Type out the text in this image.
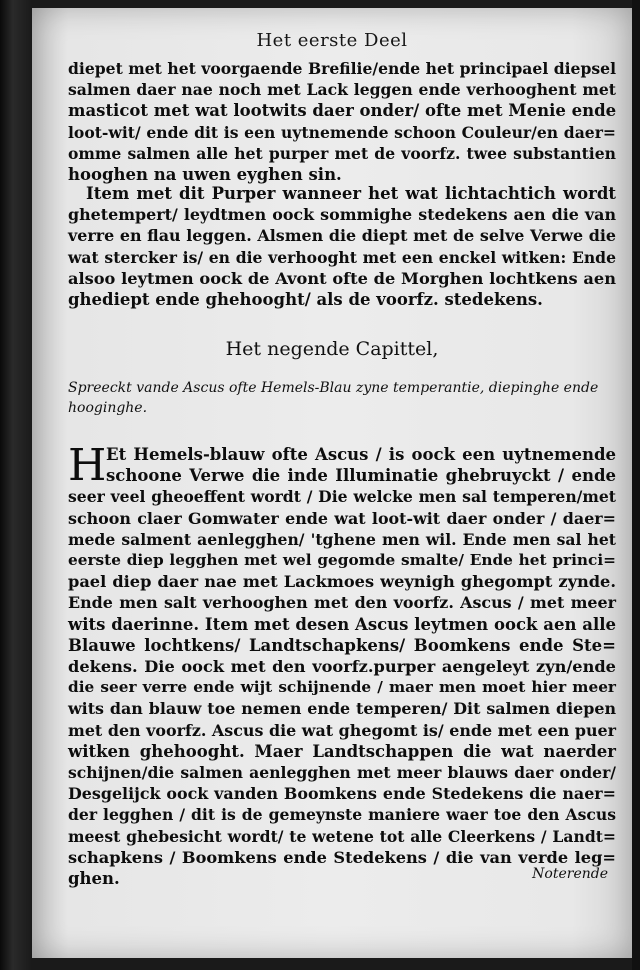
Het eerste Deel
diepet met het voorgaende Brefilie/ende het principael diepsel
salmen daer nae noch met Lack leggen ende verhooghent met
masticot met wat lootwits daer onder/ ofte met Menie ende
loot-wit/ ende dit is een uytnemende schoon Couleur/en daer=
omme salmen alle het purper met de voorfz. twee substantien
hooghen na uwen eyghen sin.
Item met dit Purper wanneer het wat lichtachtich wordt
ghetempert/ leydtmen oock sommighe stedekens aen die van
verre en flau leggen. Alsmen die diept met de selve Verwe die
wat stercker is/ en die verhooght met een enckel witken: Ende
alsoo leytmen oock de Avont ofte de Morghen lochtkens aen
ghediept ende ghehooght/ als de voorfz. stedekens.
Het negende Capittel,
Spreeckt vande Ascus ofte Hemels-Blau zyne temperantie, diepinghe ende
hooginghe.
H Et Hemels-blauw ofte Ascus / is oock een uytnemende
schoone Verwe die inde Illuminatie ghebruyckt / ende
seer veel gheoeffent wordt / Die welcke men sal temperen/met
schoon claer Gomwater ende wat loot-wit daer onder / daer=
mede salment aenlegghen/ 'tghene men wil. Ende men sal het
eerste diep legghen met wel gegomde smalte/ Ende het princi=
pael diep daer nae met Lackmoes weynigh ghegompt zynde.
Ende men salt verhooghen met den voorfz. Ascus / met meer
wits daerinne. Item met desen Ascus leytmen oock aen alle
Blauwe lochtkens/ Landtschapkens/ Boomkens ende Ste=
dekens. Die oock met den voorfz.purper aengeleyt zyn/ende
die seer verre ende wijt schijnende / maer men moet hier meer
wits dan blauw toe nemen ende temperen/ Dit salmen diepen
met den voorfz. Ascus die wat ghegomt is/ ende met een puer
witken ghehooght. Maer Landtschappen die wat naerder
schijnen/die salmen aenlegghen met meer blauws daer onder/
Desgelijck oock vanden Boomkens ende Stedekens die naer=
der legghen / dit is de gemeynste maniere waer toe den Ascus
meest ghebesicht wordt/ te wetene tot alle Cleerkens / Landt=
schapkens / Boomkens ende Stedekens / die van verde leg=
ghen.	Noterende
